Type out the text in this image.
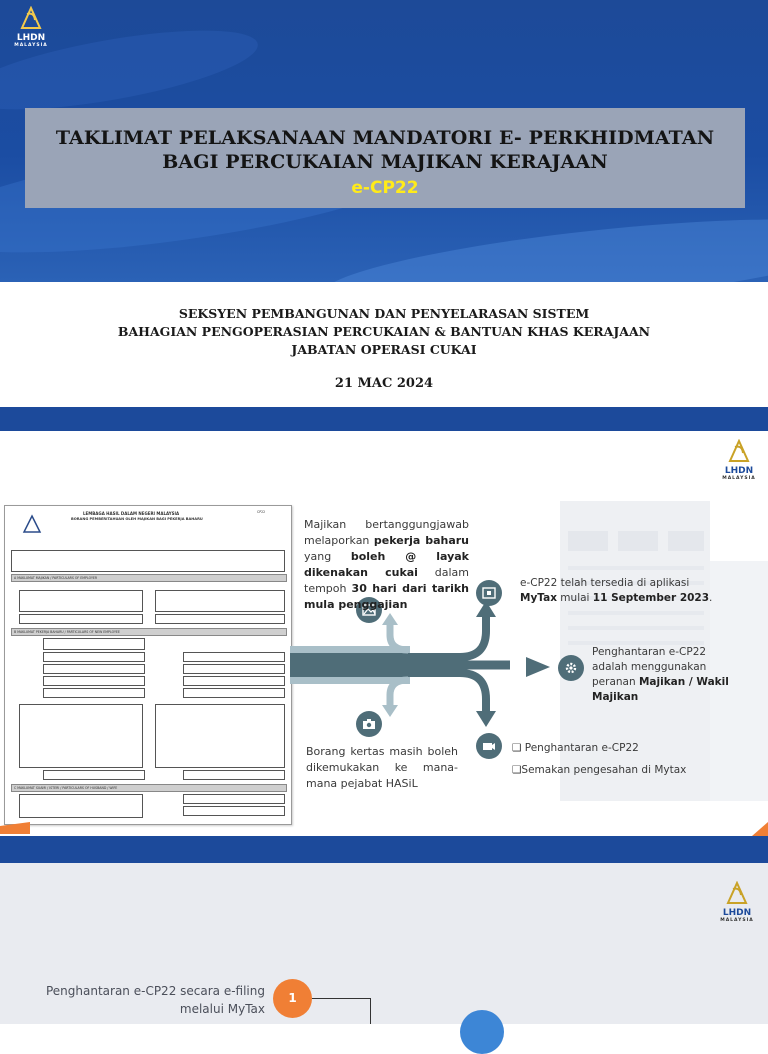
LHDN
MALAYSIA
TAKLIMAT PELAKSANAAN MANDATORI E- PERKHIDMATAN
BAGI PERCUKAIAN MAJIKAN KERAJAAN
e-CP22
SEKSYEN PEMBANGUNAN DAN PENYELARASAN SISTEM
BAHAGIAN PENGOPERASIAN PERCUKAIAN & BANTUAN KHAS KERAJAAN
JABATAN OPERASI CUKAI
21 MAC 2024
LHDN
MALAYSIA
LEMBAGA HASIL DALAM NEGERI MALAYSIA
BORANG PEMBERITAHUAN OLEH MAJIKAN BAGI PEKERJA BAHARU
CP22
A MAKLUMAT MAJIKAN / PARTICULARS OF EMPLOYER
B MAKLUMAT PEKERJA BAHARU / PARTICULARS OF NEW EMPLOYEE
C MAKLUMAT SUAMI / ISTERI / PARTICULARS OF HUSBAND / WIFE
Majikan bertanggungjawab melaporkan pekerja baharu yang boleh @ layak dikenakan cukai dalam tempoh 30 hari dari tarikh mula penggajian
e-CP22 telah tersedia di aplikasi MyTax mulai 11 September 2023.
Penghantaran e-CP22 adalah menggunakan peranan Majikan / Wakil Majikan
Borang kertas masih boleh dikemukakan ke mana-mana pejabat HASiL
❑ Penghantaran e-CP22
❑Semakan pengesahan di Mytax
LHDN
MALAYSIA
Penghantaran e-CP22 secara e-filing melalui MyTax
1
